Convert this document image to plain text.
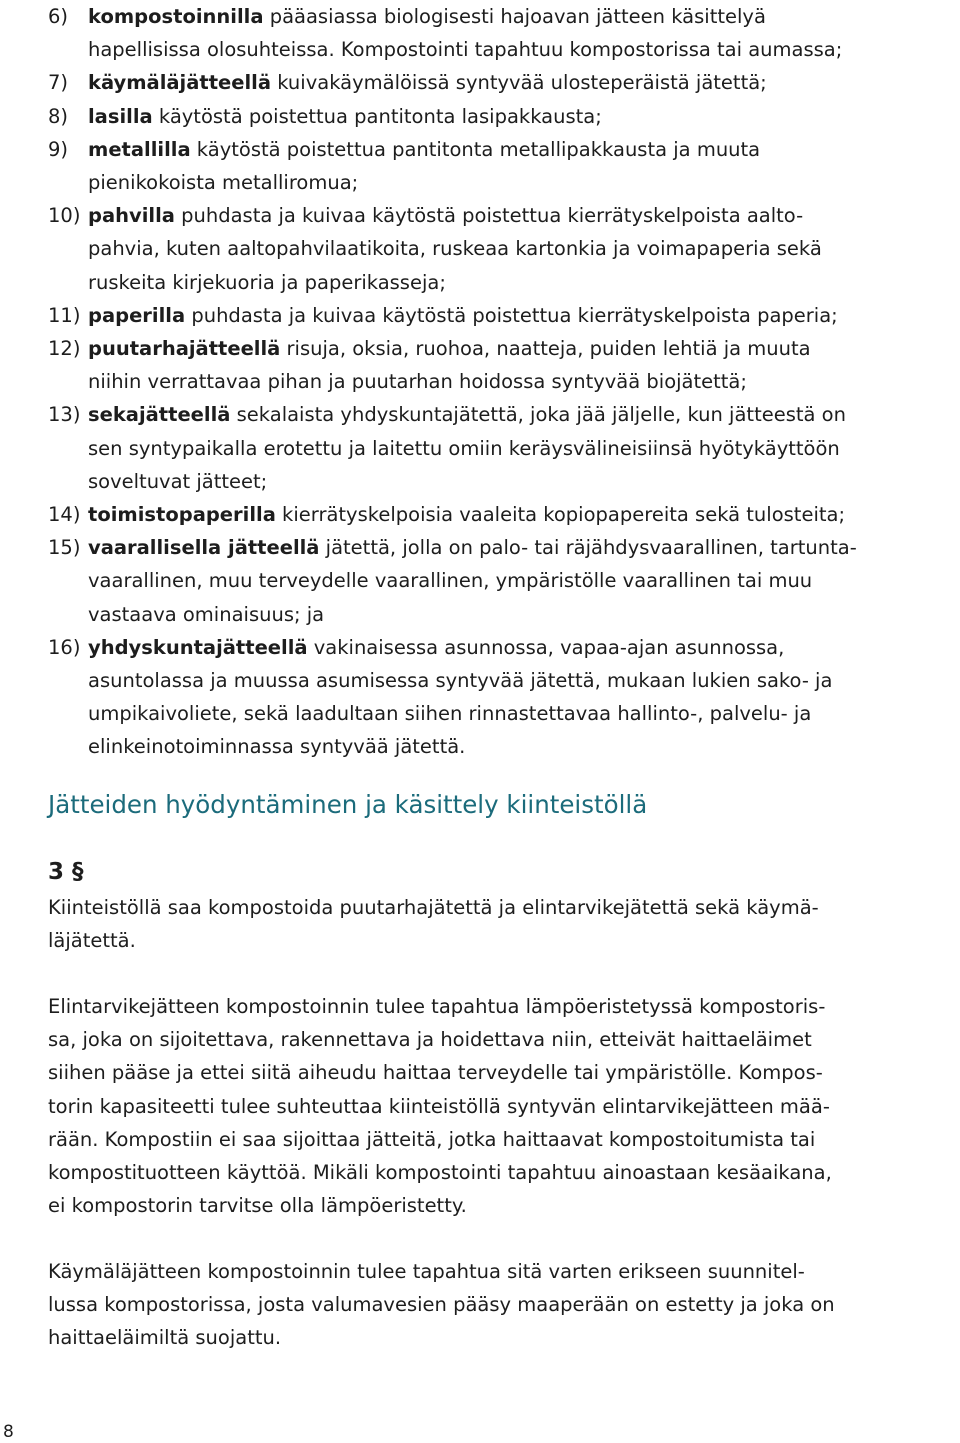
6) kompostoinnilla pääasiassa biologisesti hajoavan jätteen käsittelyä
hapellisissa olosuhteissa. Kompostointi tapahtuu kompostorissa tai aumassa;
7) käymäläjätteellä kuivakäymälöissä syntyvää ulosteperäistä jätettä;
8) lasilla käytöstä poistettua pantitonta lasipakkausta;
9) metallilla käytöstä poistettua pantitonta metallipakkausta ja muuta
pienikokoista metalliromua;
10) pahvilla puhdasta ja kuivaa käytöstä poistettua kierrätyskelpoista aalto-
pahvia, kuten aaltopahvilaatikoita, ruskeaa kartonkia ja voimapaperia sekä
ruskeita kirjekuoria ja paperikasseja;
11) paperilla puhdasta ja kuivaa käytöstä poistettua kierrätyskelpoista paperia;
12) puutarhajätteellä risuja, oksia, ruohoa, naatteja, puiden lehtiä ja muuta
niihin verrattavaa pihan ja puutarhan hoidossa syntyvää biojätettä;
13) sekajätteellä sekalaista yhdyskuntajätettä, joka jää jäljelle, kun jätteestä on
sen syntypaikalla erotettu ja laitettu omiin keräysvälineisiinsä hyötykäyttöön
soveltuvat jätteet;
14) toimistopaperilla kierrätyskelpoisia vaaleita kopiopapereita sekä tulosteita;
15) vaarallisella jätteellä jätettä, jolla on palo- tai räjähdysvaarallinen, tartunta-
vaarallinen, muu terveydelle vaarallinen, ympäristölle vaarallinen tai muu
vastaava ominaisuus; ja
16) yhdyskuntajätteellä vakinaisessa asunnossa, vapaa-ajan asunnossa,
asuntolassa ja muussa asumisessa syntyvää jätettä, mukaan lukien sako- ja
umpikaivoliete, sekä laadultaan siihen rinnastettavaa hallinto-, palvelu- ja
elinkeinotoiminnassa syntyvää jätettä.
Jätteiden hyödyntäminen ja käsittely kiinteistöllä
3 §
Kiinteistöllä saa kompostoida puutarhajätettä ja elintarvikejätettä sekä käymä-
läjätettä.
Elintarvikejätteen kompostoinnin tulee tapahtua lämpöeristetyssä kompostoris-
sa, joka on sijoitettava, rakennettava ja hoidettava niin, etteivät haittaeläimet
siihen pääse ja ettei siitä aiheudu haittaa terveydelle tai ympäristölle. Kompos-
torin kapasiteetti tulee suhteuttaa kiinteistöllä syntyvän elintarvikejätteen mää-
rään. Kompostiin ei saa sijoittaa jätteitä, jotka haittaavat kompostoitumista tai
kompostituotteen käyttöä. Mikäli kompostointi tapahtuu ainoastaan kesäaikana,
ei kompostorin tarvitse olla lämpöeristetty.
Käymäläjätteen kompostoinnin tulee tapahtua sitä varten erikseen suunnitel-
lussa kompostorissa, josta valumavesien pääsy maaperään on estetty ja joka on
haittaeläimiltä suojattu.
8
